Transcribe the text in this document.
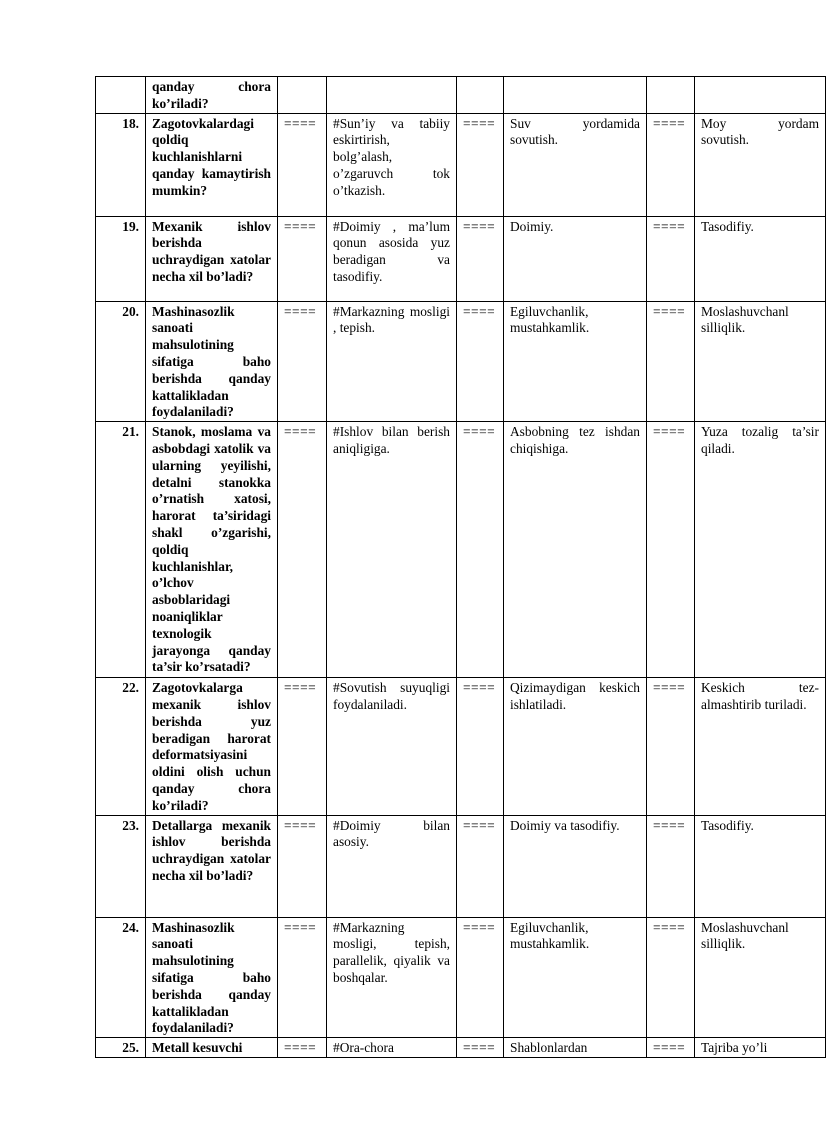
	qanday chora ko’riladi?						
18.	Zagotovkalardagi qoldiq kuchlanishlarni qanday kamaytirish mumkin?	====	#Sun’iy va tabiiy eskirtirish, bolg’alash, o’zgaruvch tok o’tkazish.	====	Suv yordamida sovutish.	====	Moy yordam sovutish.
19.	Mexanik ishlov berishda uchraydigan xatolar necha xil bo’ladi?	====	#Doimiy , ma’lum qonun asosida yuz beradigan va tasodifiy.	====	Doimiy.	====	Tasodifiy.
20.	Mashinasozlik sanoati mahsulotining sifatiga baho berishda qanday kattalikladan foydalaniladi?	====	#Markazning mosligi , tepish.	====	Egiluvchanlik, mustahkamlik.	====	Moslashuvchanl silliqlik.
21.	Stanok, moslama va asbobdagi xatolik va ularning yeyilishi, detalni stanokka o’rnatish xatosi, harorat ta’siridagi shakl o’zgarishi, qoldiq kuchlanishlar, o’lchov asboblaridagi noaniqliklar texnologik jarayonga qanday ta’sir ko’rsatadi?	====	#Ishlov bilan berish aniqligiga.	====	Asbobning tez ishdan chiqishiga.	====	Yuza tozalig ta’sir qiladi.
22.	Zagotovkalarga mexanik ishlov berishda yuz beradigan harorat deformatsiyasini oldini olish uchun qanday chora ko’riladi?	====	#Sovutish suyuqligi foydalaniladi.	====	Qizimaydigan keskich ishlatiladi.	====	Keskich tez-almashtirib turiladi.
23.	Detallarga mexanik ishlov berishda uchraydigan xatolar necha xil bo’ladi?	====	#Doimiy bilan asosiy.	====	Doimiy va tasodifiy.	====	Tasodifiy.
24.	Mashinasozlik sanoati mahsulotining sifatiga baho berishda qanday kattalikladan foydalaniladi?	====	#Markazning mosligi, tepish, parallelik, qiyalik va boshqalar.	====	Egiluvchanlik, mustahkamlik.	====	Moslashuvchanl silliqlik.
25.	Metall kesuvchi	====	#Ora-chora	====	Shablonlardan	====	Tajriba yo’li
